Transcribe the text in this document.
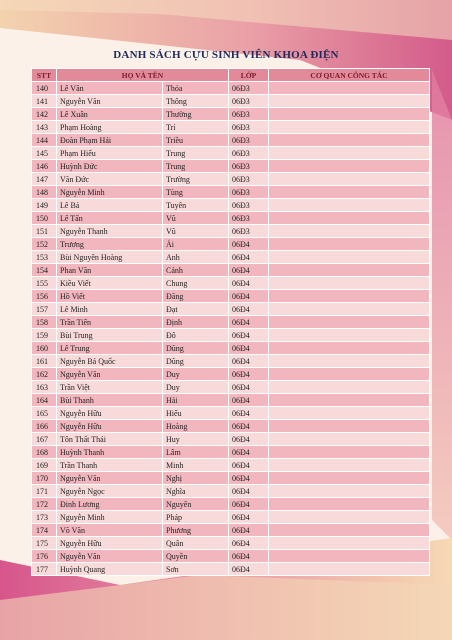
DANH SÁCH CỰU SINH VIÊN KHOA ĐIỆN
STT	HỌ VÀ TÊN		LỚP	CƠ QUAN CÔNG TÁC
140	Lê Văn	Thỏa	06Đ3	
141	Nguyễn Văn	Thông	06Đ3	
142	Lê Xuân	Thường	06Đ3	
143	Phạm Hoàng	Trí	06Đ3	
144	Đoàn Phạm Hải	Triều	06Đ3	
145	Phạm Hiếu	Trung	06Đ3	
146	Huỳnh Đức	Trung	06Đ3	
147	Văn Đức	Trường	06Đ3	
148	Nguyễn Minh	Tùng	06Đ3	
149	Lê Bá	Tuyên	06Đ3	
150	Lê Tấn	Vũ	06Đ3	
151	Nguyễn Thanh	Vũ	06Đ3	
152	Trương	Ái	06Đ4	
153	Bùi Nguyên Hoàng	Anh	06Đ4	
154	Phan Văn	Cảnh	06Đ4	
155	Kiều Viết	Chung	06Đ4	
156	Hồ Viết	Đăng	06Đ4	
157	Lê Minh	Đạt	06Đ4	
158	Trần Tiến	Định	06Đ4	
159	Bùi Trung	Đô	06Đ4	
160	Lê Trung	Dũng	06Đ4	
161	Nguyễn Bá Quốc	Dũng	06Đ4	
162	Nguyễn Văn	Duy	06Đ4	
163	Trần Việt	Duy	06Đ4	
164	Bùi Thanh	Hải	06Đ4	
165	Nguyễn Hữu	Hiếu	06Đ4	
166	Nguyễn Hữu	Hoàng	06Đ4	
167	Tôn Thất Thái	Huy	06Đ4	
168	Huỳnh Thanh	Lâm	06Đ4	
169	Trần Thanh	Minh	06Đ4	
170	Nguyễn Văn	Nghị	06Đ4	
171	Nguyễn Ngọc	Nghĩa	06Đ4	
172	Đinh Lương	Nguyên	06Đ4	
173	Nguyễn Minh	Pháp	06Đ4	
174	Võ Văn	Phương	06Đ4	
175	Nguyễn Hữu	Quân	06Đ4	
176	Nguyễn Văn	Quyền	06Đ4	
177	Huỳnh Quang	Sơn	06Đ4	
